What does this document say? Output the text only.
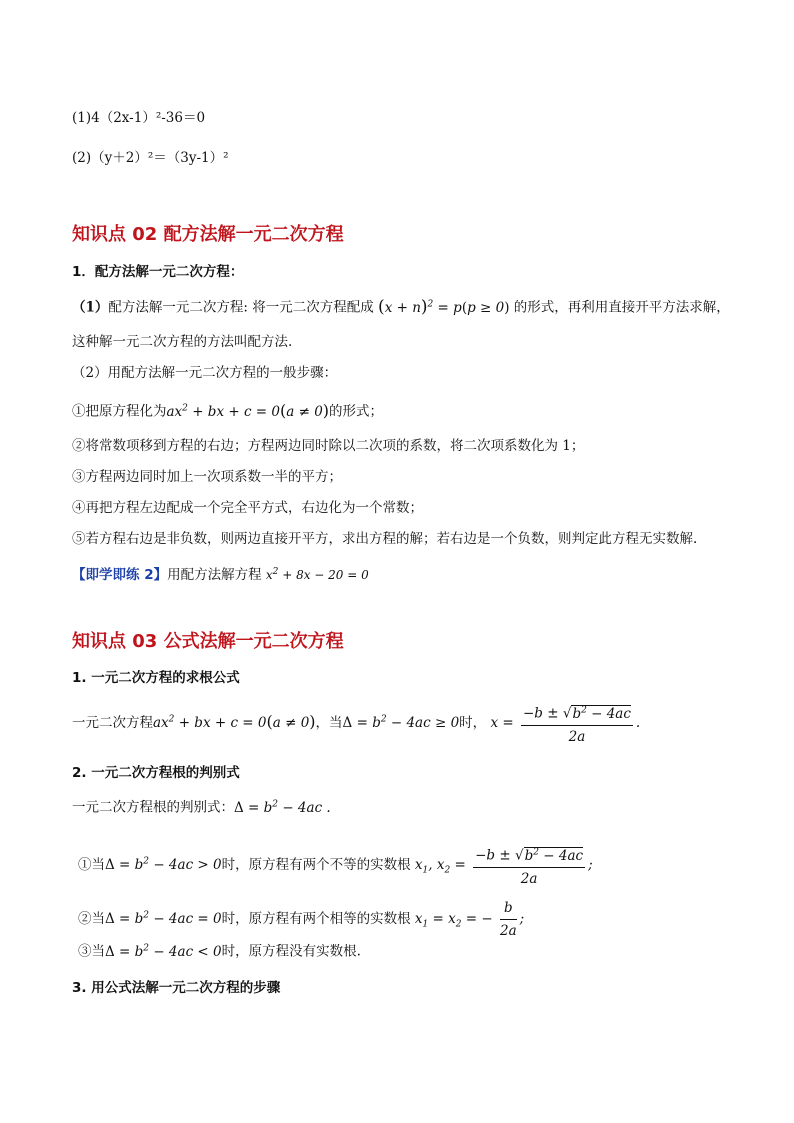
(1)4（2x-1）²-36＝0
(2)（y＋2）²＝（3y-1）²
知识点 02 配方法解一元二次方程
1．配方法解一元二次方程：
（1）配方法解一元二次方程: 将一元二次方程配成 $(x + n)^2 = p(p \ge 0)$ 的形式，再利用直接开平方法求解，
这种解一元二次方程的方法叫配方法.
（2）用配方法解一元二次方程的一般步骤：
①把原方程化为$ax^2$ + bx + c = 0(a ≠ 0)的形式；
②将常数项移到方程的右边；方程两边同时除以二次项的系数，将二次项系数化为 1；
③方程两边同时加上一次项系数一半的平方；
④再把方程左边配成一个完全平方式，右边化为一个常数；
⑤若方程右边是非负数，则两边直接开平方，求出方程的解；若右边是一个负数，则判定此方程无实数解.
【即学即练 2】用配方法解方程 $x^2 + 8x - 20 = 0$
知识点 03 公式法解一元二次方程
1. 一元二次方程的求根公式
一元二次方程$ax^2$ + bx + c = 0(a ≠ 0)，当$\Delta = b^2 - 4ac \ge 0$时， $x = \frac{-b \pm √b^2 - 4ac}{2a}$ .
2. 一元二次方程根的判别式
一元二次方程根的判别式：$\Delta = b^2 - 4ac$ .
①当$\Delta = b^2 - 4ac > 0$时，原方程有两个不等的实数根 $x_1$, $x_2 = \frac{-b \pm √b^2 - 4ac}{2a}$ ;
②当$\Delta = b^2 - 4ac = 0$时，原方程有两个相等的实数根 $x_1 = x_2$ = − $\frac{b}{2a}$ ;
③当$\Delta = b^2 - 4ac < 0$时，原方程没有实数根.
3. 用公式法解一元二次方程的步骤
